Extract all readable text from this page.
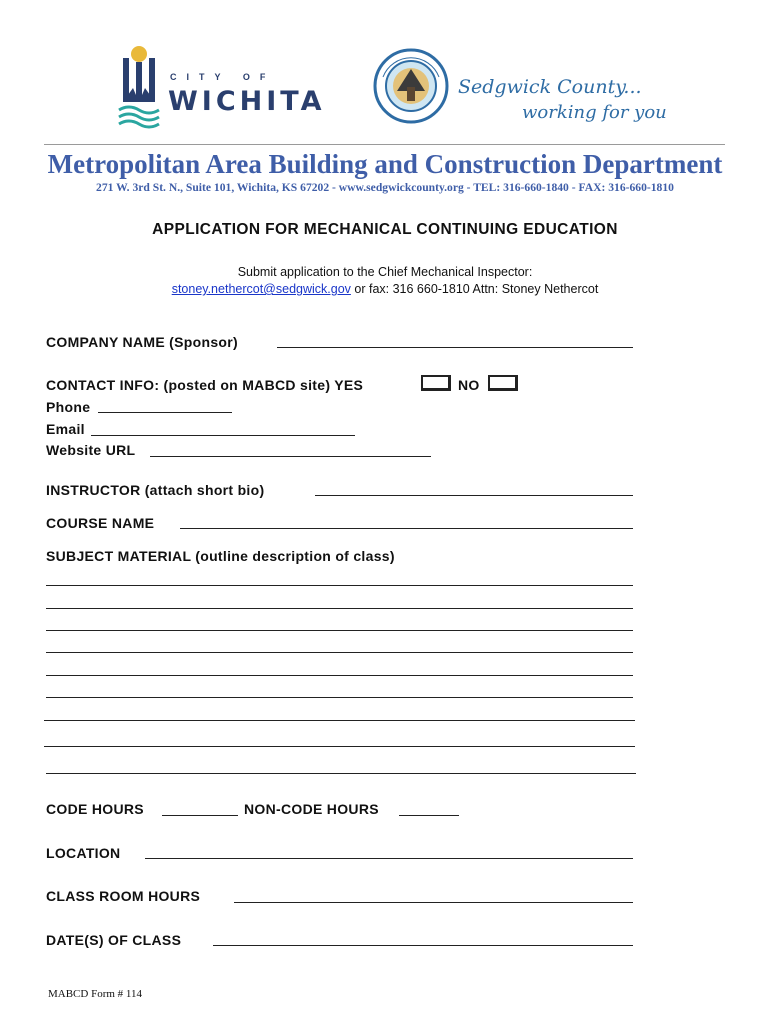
CITY OF
WICHITA	Sedgwick County...
working for you
Metropolitan Area Building and Construction Department
271 W. 3rd St. N., Suite 101, Wichita, KS 67202 - www.sedgwickcounty.org - TEL: 316-660-1840 - FAX: 316-660-1810
APPLICATION FOR MECHANICAL CONTINUING EDUCATION
Submit application to the Chief Mechanical Inspector:
stoney.nethercot@sedgwick.gov or fax: 316 660-1810 Attn: Stoney Nethercot
COMPANY NAME (Sponsor)
CONTACT INFO: (posted on MABCD site) YES	NO
Phone
Email
Website URL
INSTRUCTOR (attach short bio)
COURSE NAME
SUBJECT MATERIAL (outline description of class)
CODE HOURS	NON-CODE HOURS
LOCATION
CLASS ROOM HOURS
DATE(S) OF CLASS
MABCD Form # 114
